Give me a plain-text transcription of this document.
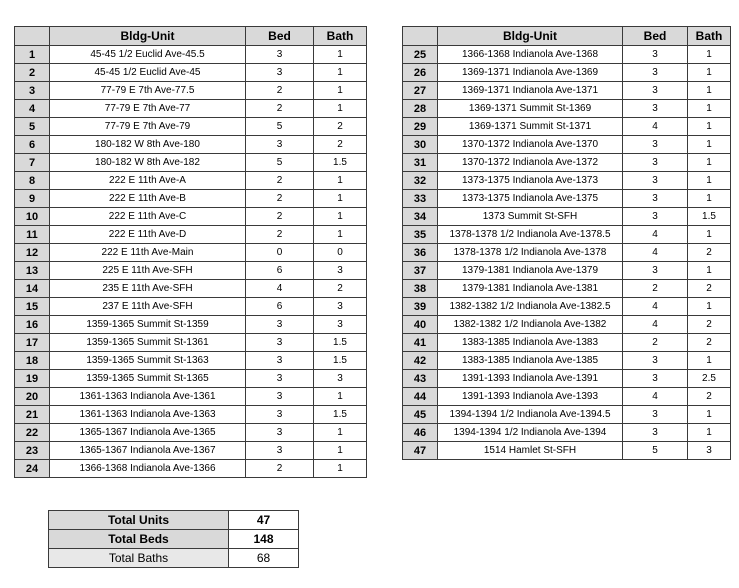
	Bldg-Unit	Bed	Bath
1	45-45 1/2 Euclid Ave-45.5	3	1
2	45-45 1/2 Euclid Ave-45	3	1
3	77-79 E 7th Ave-77.5	2	1
4	77-79 E 7th Ave-77	2	1
5	77-79 E 7th Ave-79	5	2
6	180-182 W 8th Ave-180	3	2
7	180-182 W 8th Ave-182	5	1.5
8	222 E 11th Ave-A	2	1
9	222 E 11th Ave-B	2	1
10	222 E 11th Ave-C	2	1
11	222 E 11th Ave-D	2	1
12	222 E 11th Ave-Main	0	0
13	225 E 11th Ave-SFH	6	3
14	235 E 11th Ave-SFH	4	2
15	237 E 11th Ave-SFH	6	3
16	1359-1365 Summit St-1359	3	3
17	1359-1365 Summit St-1361	3	1.5
18	1359-1365 Summit St-1363	3	1.5
19	1359-1365 Summit St-1365	3	3
20	1361-1363 Indianola Ave-1361	3	1
21	1361-1363 Indianola Ave-1363	3	1.5
22	1365-1367 Indianola Ave-1365	3	1
23	1365-1367 Indianola Ave-1367	3	1
24	1366-1368 Indianola Ave-1366	2	1
	Bldg-Unit	Bed	Bath
25	1366-1368 Indianola Ave-1368	3	1
26	1369-1371 Indianola Ave-1369	3	1
27	1369-1371 Indianola Ave-1371	3	1
28	1369-1371 Summit St-1369	3	1
29	1369-1371 Summit St-1371	4	1
30	1370-1372 Indianola Ave-1370	3	1
31	1370-1372 Indianola Ave-1372	3	1
32	1373-1375 Indianola Ave-1373	3	1
33	1373-1375 Indianola Ave-1375	3	1
34	1373 Summit St-SFH	3	1.5
35	1378-1378 1/2 Indianola Ave-1378.5	4	1
36	1378-1378 1/2 Indianola Ave-1378	4	2
37	1379-1381 Indianola Ave-1379	3	1
38	1379-1381 Indianola Ave-1381	2	2
39	1382-1382 1/2 Indianola Ave-1382.5	4	1
40	1382-1382 1/2 Indianola Ave-1382	4	2
41	1383-1385 Indianola Ave-1383	2	2
42	1383-1385 Indianola Ave-1385	3	1
43	1391-1393 Indianola Ave-1391	3	2.5
44	1391-1393 Indianola Ave-1393	4	2
45	1394-1394 1/2 Indianola Ave-1394.5	3	1
46	1394-1394 1/2 Indianola Ave-1394	3	1
47	1514 Hamlet St-SFH	5	3
Total Units	47
Total Beds	148
Total Baths	68
